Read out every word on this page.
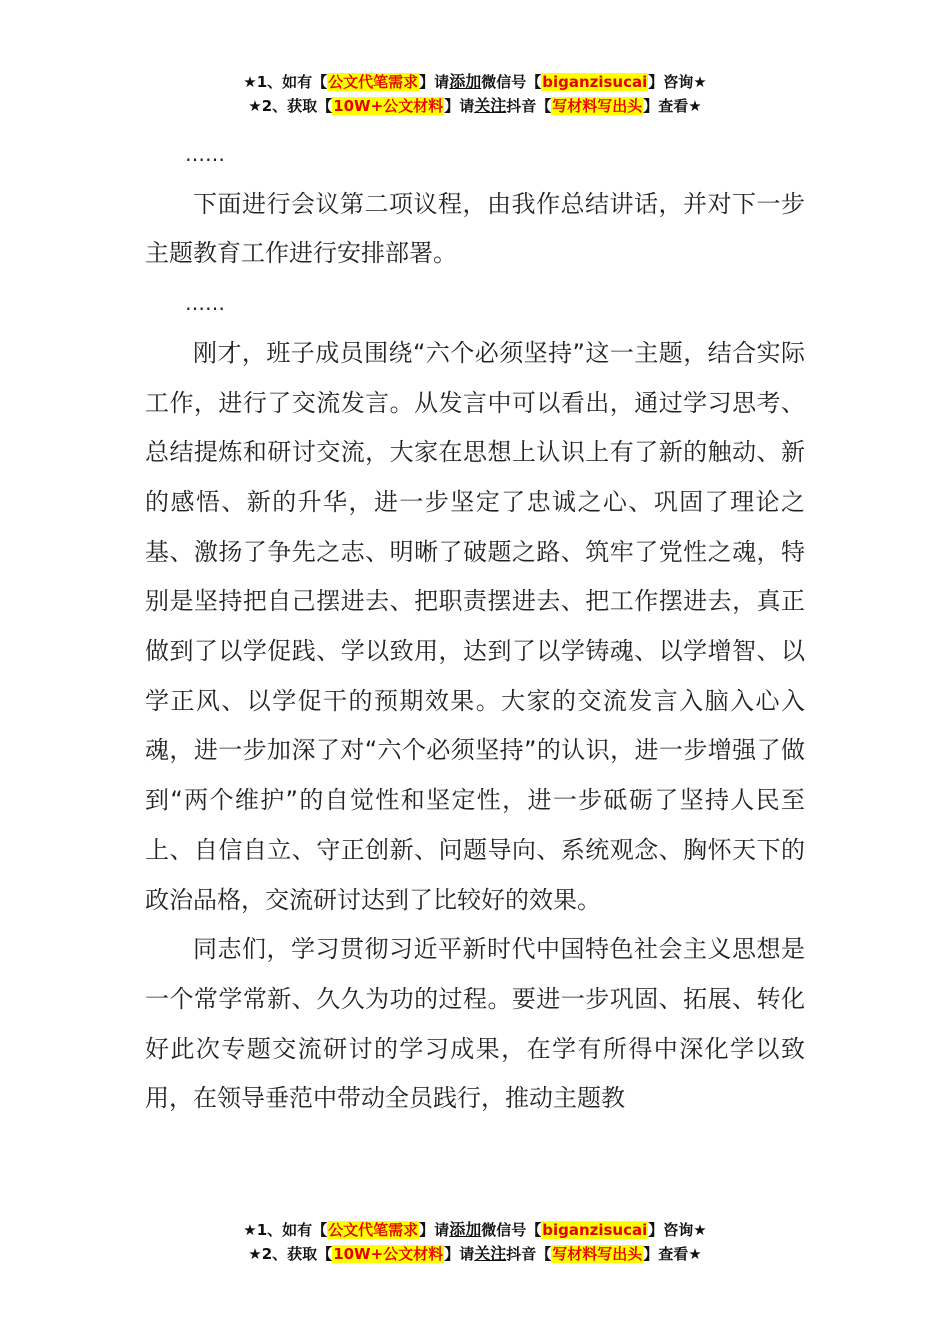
★1、如有【公文代笔需求】请添加微信号【biganzisucai】咨询★
★2、获取【10W+公文材料】请关注抖音【写材料写出头】查看★

……

下面进行会议第二项议程，由我作总结讲话，并对下一步主题教育工作进行安排部署。

……

刚才，班子成员围绕“六个必须坚持”这一主题，结合实际工作，进行了交流发言。从发言中可以看出，通过学习思考、总结提炼和研讨交流，大家在思想上认识上有了新的触动、新的感悟、新的升华，进一步坚定了忠诚之心、巩固了理论之基、激扬了争先之志、明晰了破题之路、筑牢了党性之魂，特别是坚持把自己摆进去、把职责摆进去、把工作摆进去，真正做到了以学促践、学以致用，达到了以学铸魂、以学增智、以学正风、以学促干的预期效果。大家的交流发言入脑入心入魂，进一步加深了对“六个必须坚持”的认识，进一步增强了做到“两个维护”的自觉性和坚定性，进一步砥砺了坚持人民至上、自信自立、守正创新、问题导向、系统观念、胸怀天下的政治品格，交流研讨达到了比较好的效果。

同志们，学习贯彻习近平新时代中国特色社会主义思想是一个常学常新、久久为功的过程。要进一步巩固、拓展、转化好此次专题交流研讨的学习成果，在学有所得中深化学以致用，在领导垂范中带动全员践行，推动主题教

★1、如有【公文代笔需求】请添加微信号【biganzisucai】咨询★
★2、获取【10W+公文材料】请关注抖音【写材料写出头】查看★
